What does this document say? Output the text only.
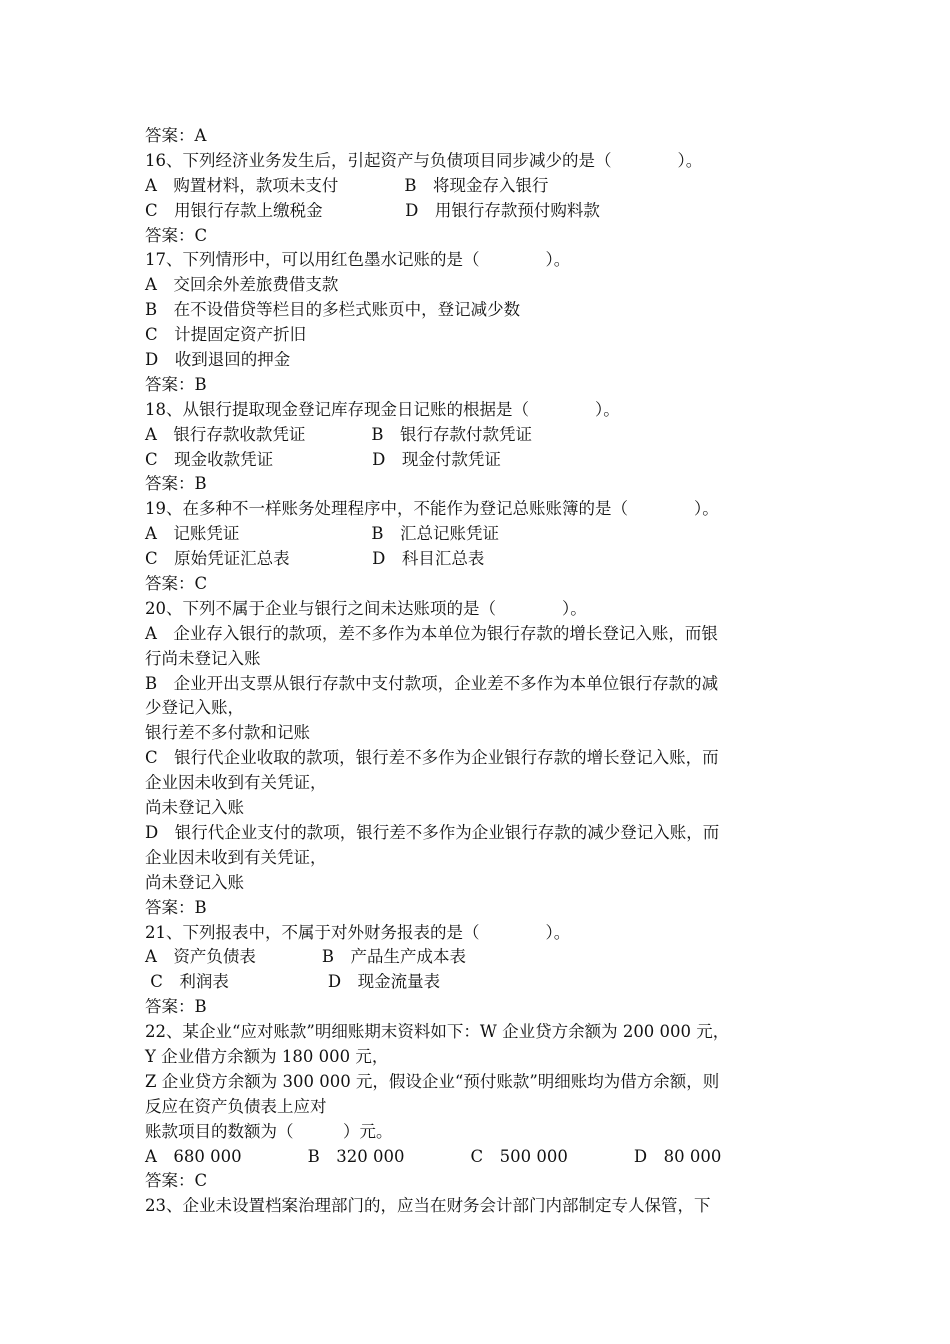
答案：A
16、下列经济业务发生后，引起资产与负债项目同步减少的是（　　　　）。
A　购置材料，款项未支付　　　　B　将现金存入银行
C　用银行存款上缴税金　　　　　D　用银行存款预付购料款
答案：C
17、下列情形中，可以用红色墨水记账的是（　　　　）。
A　交回余外差旅费借支款
B　在不设借贷等栏目的多栏式账页中，登记减少数
C　计提固定资产折旧
D　收到退回的押金
答案：B
18、从银行提取现金登记库存现金日记账的根据是（　　　　）。
A　银行存款收款凭证　　　　B　银行存款付款凭证
C　现金收款凭证　　　　　　D　现金付款凭证
答案：B
19、在多种不一样账务处理程序中，不能作为登记总账账簿的是（　　　　）。
A　记账凭证　　　　　　　　B　汇总记账凭证
C　原始凭证汇总表　　　　　D　科目汇总表
答案：C
20、下列不属于企业与银行之间未达账项的是（　　　　）。
A　企业存入银行的款项，差不多作为本单位为银行存款的增长登记入账，而银
行尚未登记入账
B　企业开出支票从银行存款中支付款项，企业差不多作为本单位银行存款的减
少登记入账，
银行差不多付款和记账
C　银行代企业收取的款项，银行差不多作为企业银行存款的增长登记入账，而
企业因未收到有关凭证，
尚未登记入账
D　银行代企业支付的款项，银行差不多作为企业银行存款的减少登记入账，而
企业因未收到有关凭证，
尚未登记入账
答案：B
21、下列报表中，不属于对外财务报表的是（　　　　）。
A　资产负债表　　　　B　产品生产成本表
C　利润表　　　　　　D　现金流量表
答案：B
22、某企业“应对账款”明细账期末资料如下：W 企业贷方余额为 200 000 元，
Y 企业借方余额为 180 000 元，
Z 企业贷方余额为 300 000 元，假设企业“预付账款”明细账均为借方余额，则
反应在资产负债表上应对
账款项目的数额为（　　　）元。
A　680 000　　　　B　320 000　　　　C　500 000　　　　D　80 000
答案：C
23、企业未设置档案治理部门的，应当在财务会计部门内部制定专人保管，下
